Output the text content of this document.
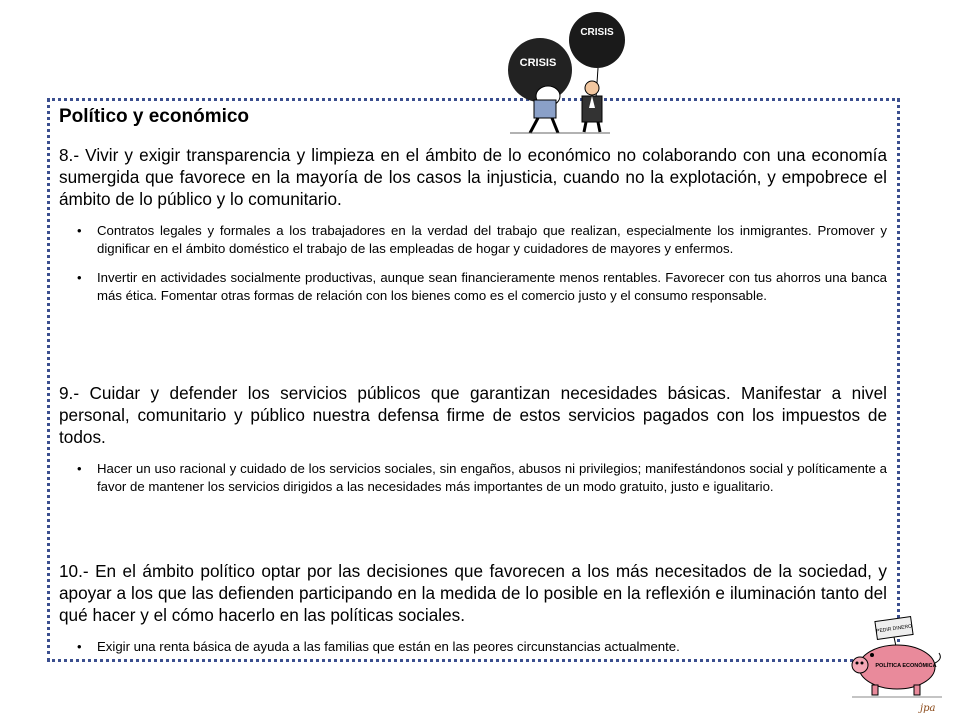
CRISIS
CRISIS

Político y económico

8.- Vivir y exigir transparencia y limpieza en el ámbito de lo económico no colaborando con una economía sumergida que favorece en la mayoría de los casos la injusticia, cuando no la explotación, y empobrece el ámbito de lo público y lo comunitario.

• Contratos legales y formales a los trabajadores en la verdad del trabajo que realizan, especialmente los inmigrantes. Promover y dignificar en el ámbito doméstico el trabajo de las empleadas de hogar y cuidadores de mayores y enfermos.
• Invertir en actividades socialmente productivas, aunque sean financieramente menos rentables. Favorecer con tus ahorros una banca más ética. Fomentar otras formas de relación con los bienes como es el comercio justo y el consumo responsable.

9.- Cuidar y defender los servicios públicos que garantizan necesidades básicas. Manifestar a nivel personal, comunitario y público nuestra defensa firme de estos servicios pagados con los impuestos de todos.

• Hacer un uso racional y cuidado de los servicios sociales, sin engaños, abusos ni privilegios; manifestándonos social y políticamente a favor de mantener los servicios dirigidos a las necesidades más importantes de un modo gratuito, justo e igualitario.

10.- En el ámbito político optar por las decisiones que favorecen a los más necesitados de la sociedad, y apoyar a los que las defienden participando en la medida de lo posible en la reflexión e iluminación tanto del qué hacer y el cómo hacerlo en las políticas sociales.

• Exigir una renta básica de ayuda a las familias que están en las peores circunstancias actualmente.
PEDIR DINERO
POLÍTICA ECONÓMICA
jpa
